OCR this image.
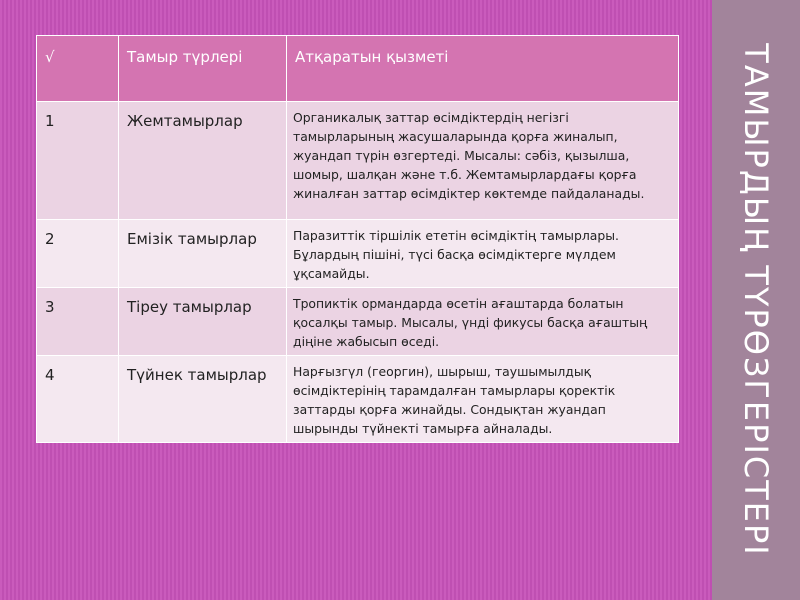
ТАМЫРДЫҢ ТҮРӨЗГЕРІСТЕРІ
√	Тамыр түрлері	Атқаратын қызметі
1	Жемтамырлар	Органикалық заттар өсімдіктердің негізгі тамырларының жасушаларында қорға жиналып, жуандап түрін өзгертеді. Мысалы: сәбіз, қызылша, шомыр, шалқан және т.б. Жемтамырлардағы қорға жиналған заттар өсімдіктер көктемде пайдаланады.
2	Емізік тамырлар	Паразиттік тіршілік ететін өсімдіктің тамырлары. Бұлардың пішіні, түсі басқа өсімдіктерге мүлдем ұқсамайды.
3	Тіреу тамырлар	Тропиктік ормандарда өсетін ағаштарда болатын қосалқы тамыр. Мысалы, үнді фикусы басқа ағаштың діңіне жабысып өседі.
4	Түйнек тамырлар	Нарғызгүл (георгин), шырыш, таушымылдық өсімдіктерінің тарамдалған тамырлары қоректік заттарды қорға жинайды. Сондықтан жуандап шырынды түйнекті тамырға айналады.
